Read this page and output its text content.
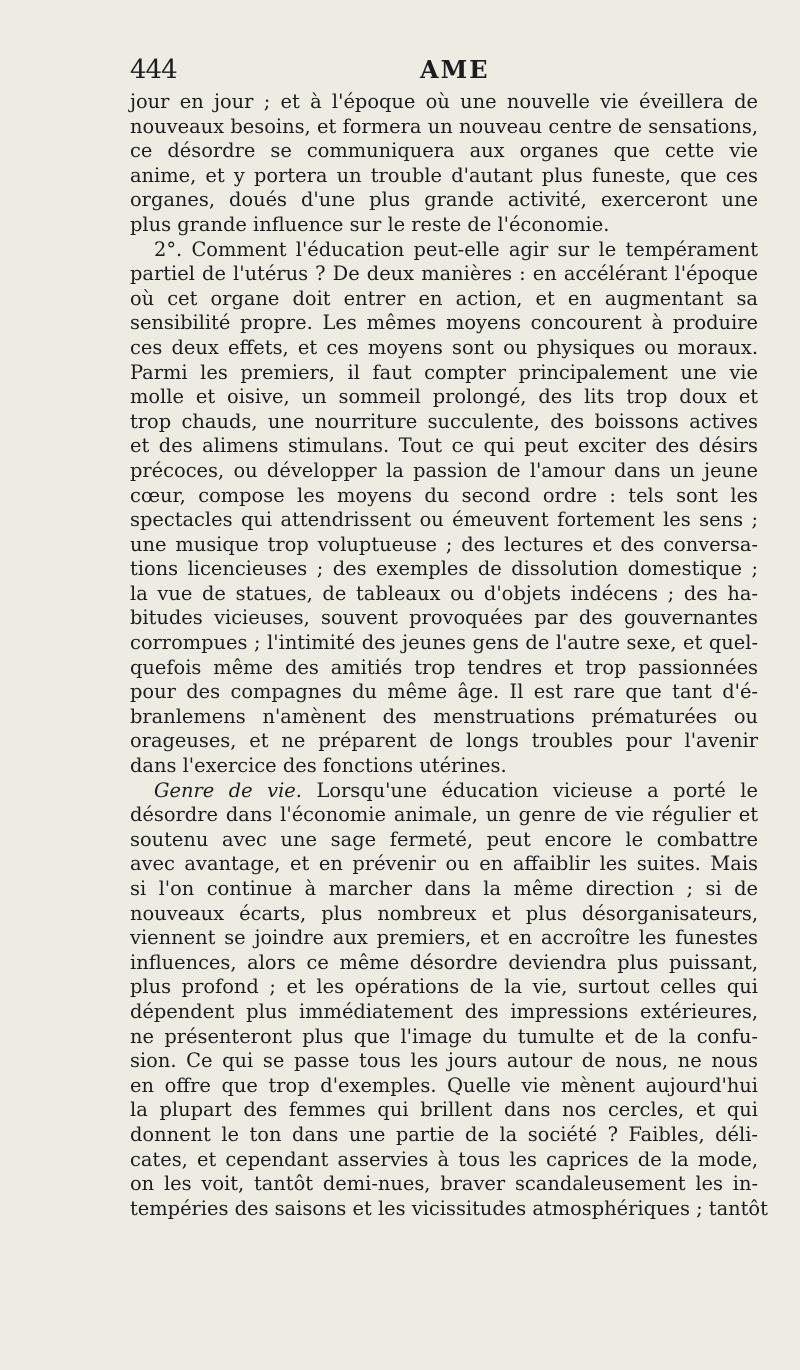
444	AME
jour en jour ; et à l'époque où une nouvelle vie éveillera de
nouveaux besoins, et formera un nouveau centre de sensations,
ce désordre se communiquera aux organes que cette vie
anime, et y portera un trouble d'autant plus funeste, que ces
organes, doués d'une plus grande activité, exerceront une
plus grande influence sur le reste de l'économie.
2°. Comment l'éducation peut-elle agir sur le tempérament
partiel de l'utérus ? De deux manières : en accélérant l'époque
où cet organe doit entrer en action, et en augmentant sa
sensibilité propre. Les mêmes moyens concourent à produire
ces deux effets, et ces moyens sont ou physiques ou moraux.
Parmi les premiers, il faut compter principalement une vie
molle et oisive, un sommeil prolongé, des lits trop doux et
trop chauds, une nourriture succulente, des boissons actives
et des alimens stimulans. Tout ce qui peut exciter des désirs
précoces, ou développer la passion de l'amour dans un jeune
cœur, compose les moyens du second ordre : tels sont les
spectacles qui attendrissent ou émeuvent fortement les sens ;
une musique trop voluptueuse ; des lectures et des conversa-
tions licencieuses ; des exemples de dissolution domestique ;
la vue de statues, de tableaux ou d'objets indécens ; des ha-
bitudes vicieuses, souvent provoquées par des gouvernantes
corrompues ; l'intimité des jeunes gens de l'autre sexe, et quel-
quefois même des amitiés trop tendres et trop passionnées
pour des compagnes du même âge. Il est rare que tant d'é-
branlemens n'amènent des menstruations prématurées ou
orageuses, et ne préparent de longs troubles pour l'avenir
dans l'exercice des fonctions utérines.
Genre de vie. Lorsqu'une éducation vicieuse a porté le
désordre dans l'économie animale, un genre de vie régulier et
soutenu avec une sage fermeté, peut encore le combattre
avec avantage, et en prévenir ou en affaiblir les suites. Mais
si l'on continue à marcher dans la même direction ; si de
nouveaux écarts, plus nombreux et plus désorganisateurs,
viennent se joindre aux premiers, et en accroître les funestes
influences, alors ce même désordre deviendra plus puissant,
plus profond ; et les opérations de la vie, surtout celles qui
dépendent plus immédiatement des impressions extérieures,
ne présenteront plus que l'image du tumulte et de la confu-
sion. Ce qui se passe tous les jours autour de nous, ne nous
en offre que trop d'exemples. Quelle vie mènent aujourd'hui
la plupart des femmes qui brillent dans nos cercles, et qui
donnent le ton dans une partie de la société ? Faibles, déli-
cates, et cependant asservies à tous les caprices de la mode,
on les voit, tantôt demi-nues, braver scandaleusement les in-
tempéries des saisons et les vicissitudes atmosphériques ; tantôt
